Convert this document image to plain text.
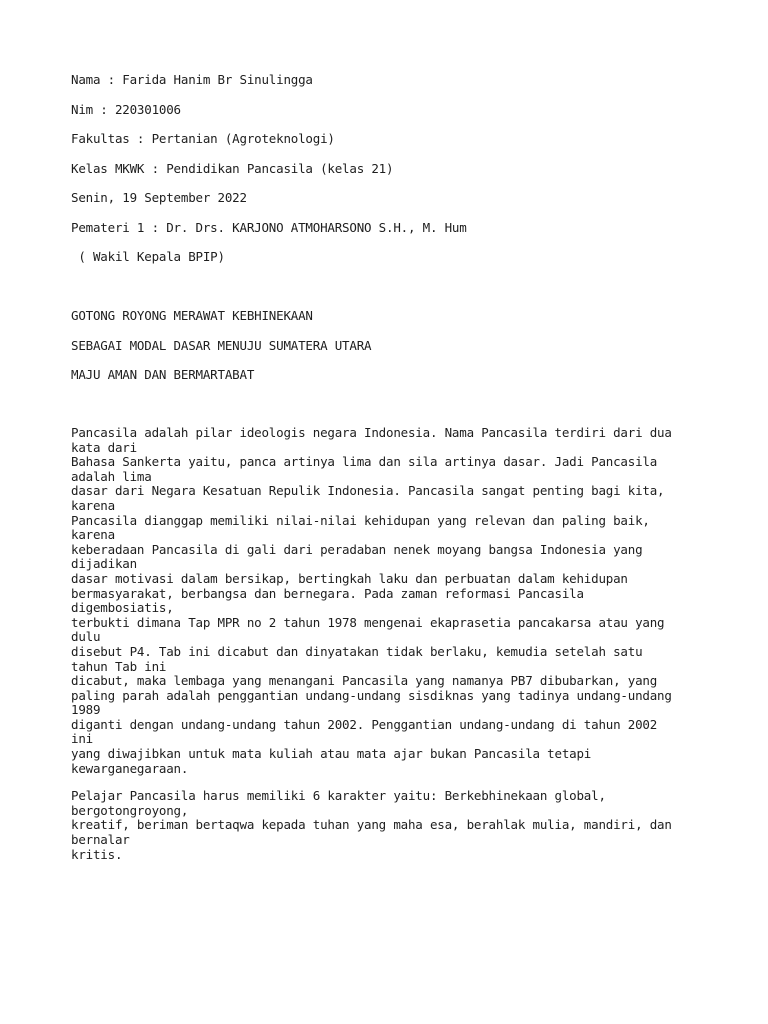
Nama : Farida Hanim Br Sinulingga
Nim : 220301006
Fakultas : Pertanian (Agroteknologi)
Kelas MKWK : Pendidikan Pancasila (kelas 21)
Senin, 19 September 2022
Pemateri 1 : Dr. Drs. KARJONO ATMOHARSONO S.H., M. Hum
( Wakil Kepala BPIP)
GOTONG ROYONG MERAWAT KEBHINEKAAN
SEBAGAI MODAL DASAR MENUJU SUMATERA UTARA
MAJU AMAN DAN BERMARTABAT

Pancasila adalah pilar ideologis negara Indonesia. Nama Pancasila terdiri dari dua
kata dari
Bahasa Sankerta yaitu, panca artinya lima dan sila artinya dasar. Jadi Pancasila
adalah lima
dasar dari Negara Kesatuan Repulik Indonesia. Pancasila sangat penting bagi kita,
karena
Pancasila dianggap memiliki nilai-nilai kehidupan yang relevan dan paling baik,
karena
keberadaan Pancasila di gali dari peradaban nenek moyang bangsa Indonesia yang
dijadikan
dasar motivasi dalam bersikap, bertingkah laku dan perbuatan dalam kehidupan
bermasyarakat, berbangsa dan bernegara. Pada zaman reformasi Pancasila
digembosiatis,
terbukti dimana Tap MPR no 2 tahun 1978 mengenai ekaprasetia pancakarsa atau yang
dulu
disebut P4. Tab ini dicabut dan dinyatakan tidak berlaku, kemudia setelah satu
tahun Tab ini
dicabut, maka lembaga yang menangani Pancasila yang namanya PB7 dibubarkan, yang
paling parah adalah penggantian undang-undang sisdiknas yang tadinya undang-undang
1989
diganti dengan undang-undang tahun 2002. Penggantian undang-undang di tahun 2002
ini
yang diwajibkan untuk mata kuliah atau mata ajar bukan Pancasila tetapi
kewarganegaraan.

Pelajar Pancasila harus memiliki 6 karakter yaitu: Berkebhinekaan global,
bergotongroyong,
kreatif, beriman bertaqwa kepada tuhan yang maha esa, berahlak mulia, mandiri, dan
bernalar
kritis.
